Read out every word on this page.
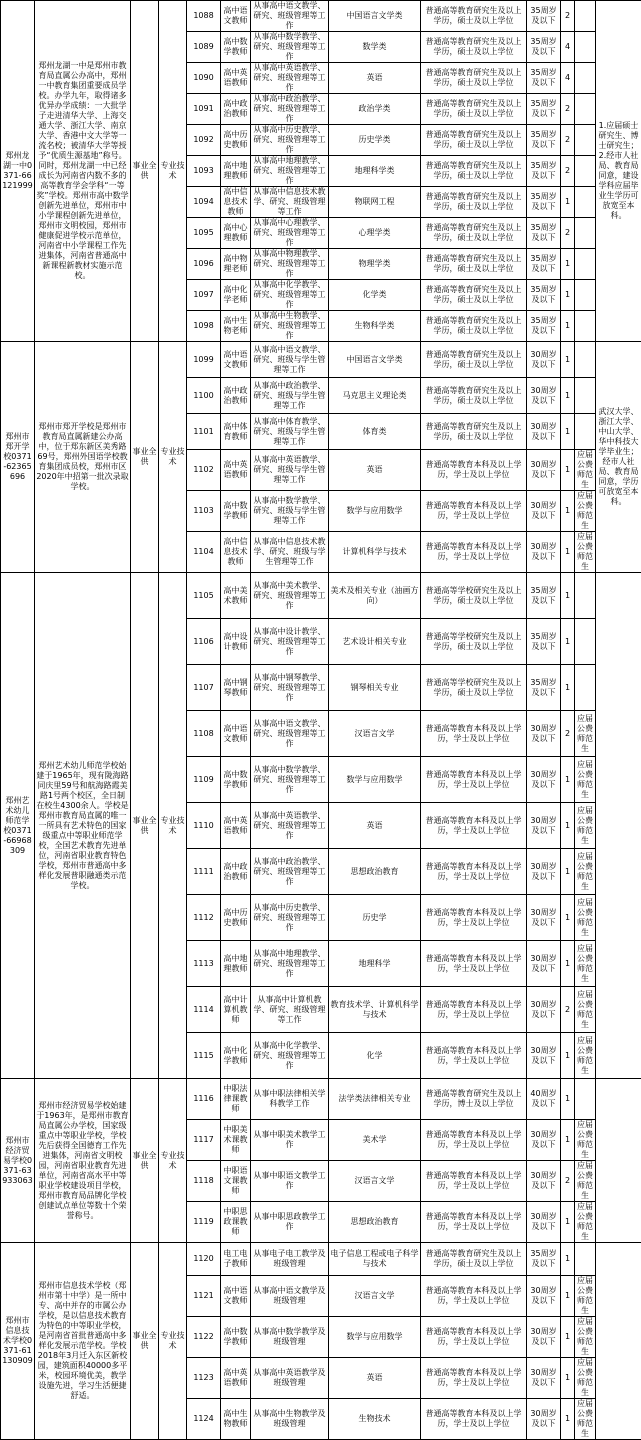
郑州龙湖一中0371-66121999	郑州龙湖一中是郑州市教育局直属公办高中，郑州一中教育集团重要成员学校。办学九年，取得诸多优异办学成绩：一大批学子走进清华大学、上海交通大学、浙江大学、南京大学、香港中文大学等一流名校；被清华大学等授予“优质生源基地”称号。同时，郑州龙湖一中已经成长为河南省内数不多的高等教育学会学科“一等奖”学校。郑州市高中数学创新先进单位，郑州市中小学课程创新先进单位，郑州市文明校园，郑州市健康促进学校示范单位，河南省中小学课程工作先进集体，河南省普通高中新课程新教材实施示范校。	事业全供	专业技术	1088	高中语文教师	从事高中语文教学、研究、班级管理等工作	中国语言文学类	普通高等教育研究生及以上学历，硕士及以上学位	35周岁及以下	2		1.应届硕士研究生、博士研究生；2.经市人社局、教育局同意，建设学科应届毕业生学历可放宽至本科。
				1089	高中数学教师	从事高中数学教学、研究、班级管理等工作	数学类	普通高等教育研究生及以上学历，硕士及以上学位	35周岁及以下	4		
				1090	高中英语教师	从事高中英语教学、研究、班级管理等工作	英语	普通高等教育研究生及以上学历，硕士及以上学位	35周岁及以下	4		
				1091	高中政治教师	从事高中政治教学、研究、班级管理等工作	政治学类	普通高等教育研究生及以上学历，硕士及以上学位	35周岁及以下	2		
				1092	高中历史教师	从事高中历史教学、研究、班级管理等工作	历史学类	普通高等教育研究生及以上学历，硕士及以上学位	35周岁及以下	2		
				1093	高中地理教师	从事高中地理教学、研究、班级管理等工作	地理科学类	普通高等教育研究生及以上学历，硕士及以上学位	35周岁及以下	2		
				1094	高中信息技术教师	从事高中信息技术教学、研究、班级管理等工作	物联网工程	普通高等教育研究生及以上学历，硕士及以上学位	35周岁及以下	1		
				1095	高中心理教师	从事高中心理教学、研究、班级管理等工作	心理学类	普通高等教育研究生及以上学历，硕士及以上学位	35周岁及以下	2		
				1096	高中物理老师	从事高中物理教学、研究、班级管理等工作	物理学类	普通高等教育研究生及以上学历，硕士及以上学位	35周岁及以下	1		
				1097	高中化学老师	从事高中化学教学、研究、班级管理等工作	化学类	普通高等教育研究生及以上学历，硕士及以上学位	35周岁及以下	1		
				1098	高中生物老师	从事高中生物教学、研究、班级管理等工作	生物科学类	普通高等教育研究生及以上学历，硕士及以上学位	35周岁及以下	1		
郑州市郑开学校0371-62365696	郑州市郑开学校是郑州市教育局直属新建公办高中，位于郑东新区美秀路69号，郑州外国语学校教育集团成员校，郑州市区2020年中招第一批次录取学校。	事业全供	专业技术	1099	高中语文教师	从事高中语文教学、研究、班级与学生管理等工作	中国语言文学类	普通高等教育研究生及以上学历，硕士及以上学位	30周岁及以下	1		武汉大学、浙江大学、中山大学、华中科技大学毕业生；经市人社局、教育局同意，学历可放宽至本科。
				1100	高中政治教师	从事高中政治教学、研究、班级与学生管理等工作	马克思主义理论类	普通高等教育研究生及以上学历，硕士及以上学位	30周岁及以下	1		
				1101	高中体育教师	从事高中体育教学、研究、班级与学生管理等工作	体育类	普通高等教育研究生及以上学历，硕士及以上学位	30周岁及以下	1		
				1102	高中英语教师	从事高中英语教学、研究、班级与学生管理等工作	英语	普通高等教育本科及以上学历，学士及以上学位	30周岁及以下	1	应届公费师范生	
				1103	高中数学教师	从事高中数学教学、研究、班级与学生管理等工作	数学与应用数学	普通高等教育本科及以上学历，学士及以上学位	30周岁及以下	1	应届公费师范生	
				1104	高中信息技术教师	从事高中信息技术教学、研究、班级与学生管理等工作	计算机科学与技术	普通高等教育本科及以上学历，学士及以上学位	30周岁及以下	1	应届公费师范生	
郑州艺术幼儿师范学校0371-66968309	郑州艺术幼儿师范学校始建于1965年，现有陇海路同庆里59号和航海路霞美路1号两个校区，全日制在校生4300余人。学校是郑州市教育局直属的唯一一所具有艺术特色的国家级重点中等职业师范学校，全国艺术教育先进单位，河南省职业教育特色学校，郑州市普通高中多样化发展普职融通类示范学校。	事业全供	专业技术	1105	高中美术教师	从事高中美术教学、研究、班级管理等工作	美术及相关专业（油画方向）	普通高等学校研究生及以上学历，硕士及以上学位	35周岁及以下	1		
				1106	高中设计教师	从事高中设计教学、研究、班级管理等工作	艺术设计相关专业	普通高等学校研究生及以上学历，硕士及以上学位	35周岁及以下	1		
				1107	高中钢琴教师	从事高中钢琴教学、研究、班级管理等工作	钢琴相关专业	普通高等学校研究生及以上学历，硕士及以上学位	35周岁及以下	1		
				1108	高中语文教师	从事高中语文教学、研究、班级管理等工作	汉语言文学	普通高等教育本科及以上学历，学士及以上学位	30周岁及以下	2	应届公费师范生	
				1109	高中数学教师	从事高中数学教学、研究、班级管理等工作	数学与应用数学	普通高等教育本科及以上学历，学士及以上学位	30周岁及以下	1	应届公费师范生	
				1110	高中英语教师	从事高中英语教学、研究、班级管理等工作	英语	普通高等教育本科及以上学历，学士及以上学位	30周岁及以下	1	应届公费师范生	
				1111	高中政治教师	从事高中政治教学、研究、班级管理等工作	思想政治教育	普通高等教育本科及以上学历，学士及以上学位	30周岁及以下	1	应届公费师范生	
				1112	高中历史教师	从事高中历史教学、研究、班级管理等工作	历史学	普通高等教育本科及以上学历，学士及以上学位	30周岁及以下	1	应届公费师范生	
				1113	高中地理教师	从事高中地理教学、研究、班级管理等工作	地理科学	普通高等教育本科及以上学历，学士及以上学位	30周岁及以下	1	应届公费师范生	
				1114	高中计算机教师	从事高中计算机教学、研究、班级管理等工作	教育技术学、计算机科学与技术	普通高等教育本科及以上学历，学士及以上学位	30周岁及以下	2	应届公费师范生	
				1115	高中化学教师	从事高中化学教学、研究、班级管理等工作	化学	普通高等教育本科及以上学历，学士及以上学位	30周岁及以下	1	应届公费师范生	
郑州市经济贸易学校0371-63933063	郑州市经济贸易学校始建于1963年，是郑州市教育局直属公办学校，国家级重点中等职业学校，学校先后获得全国德育工作先进集体，河南省文明校园，河南省职业教育先进单位，河南省高水平中等职业学校建设项目学校，郑州市教育局品牌化学校创建试点单位等数十个荣誉称号。	事业全供	专业技术	1116	中职法律课教师	从事中职法律相关学科教学工作	法学类法律相关专业	普通高等教育研究生及以上学历，博士及以上学位	40周岁及以下	1		
				1117	中职美术课教师	从事中职美术教学工作	美术学	普通高等教育本科及以上学历，学士及以上学位	30周岁及以下	1	应届公费师范生	
				1118	中职语文课教师	从事中职语文教学工作	汉语言文学	普通高等教育本科及以上学历，学士及以上学位	30周岁及以下	2	应届公费师范生	
				1119	中职思政课教师	从事中职思政教学工作	思想政治教育	普通高等教育本科及以上学历，学士及以上学位	30周岁及以下	1	应届公费师范生	
郑州市信息技术学校0371-61130909	郑州市信息技术学校（郑州市第十中学）是一所中专、高中并存的市属公办学校，是以信息技术教育为特色的中等职业学校，是河南省首批普通高中多样化发展示范学校。学校2018年3月迁入东区新校园，建筑面积40000多平米，校园环境优美，教学设施先进，学习生活便捷舒适。	事业全供	专业技术	1120	电工电子教师	从事电子电工教学及班级管理	电子信息工程或电子科学与技术	普通高等教育研究生及以上学历，硕士及以上学位	35周岁及以下	1		
				1121	高中语文教师	从事高中语文教学及班级管理	汉语言文学	普通高等教育本科及以上学历，学士及以上学位	30周岁及以下	1	应届公费师范生	
				1122	高中数学教师	从事高中数学教学及班级管理	数学与应用数学	普通高等教育本科及以上学历，学士及以上学位	30周岁及以下	1	应届公费师范生	
				1123	高中英语教师	从事高中英语教学及班级管理	英语	普通高等教育本科及以上学历，学士及以上学位	30周岁及以下	1	应届公费师范生	
				1124	高中生物教师	从事高中生物教学及班级管理	生物技术	普通高等教育本科及以上学历，学士及以上学位	30周岁及以下	1	应届公费师范生	
